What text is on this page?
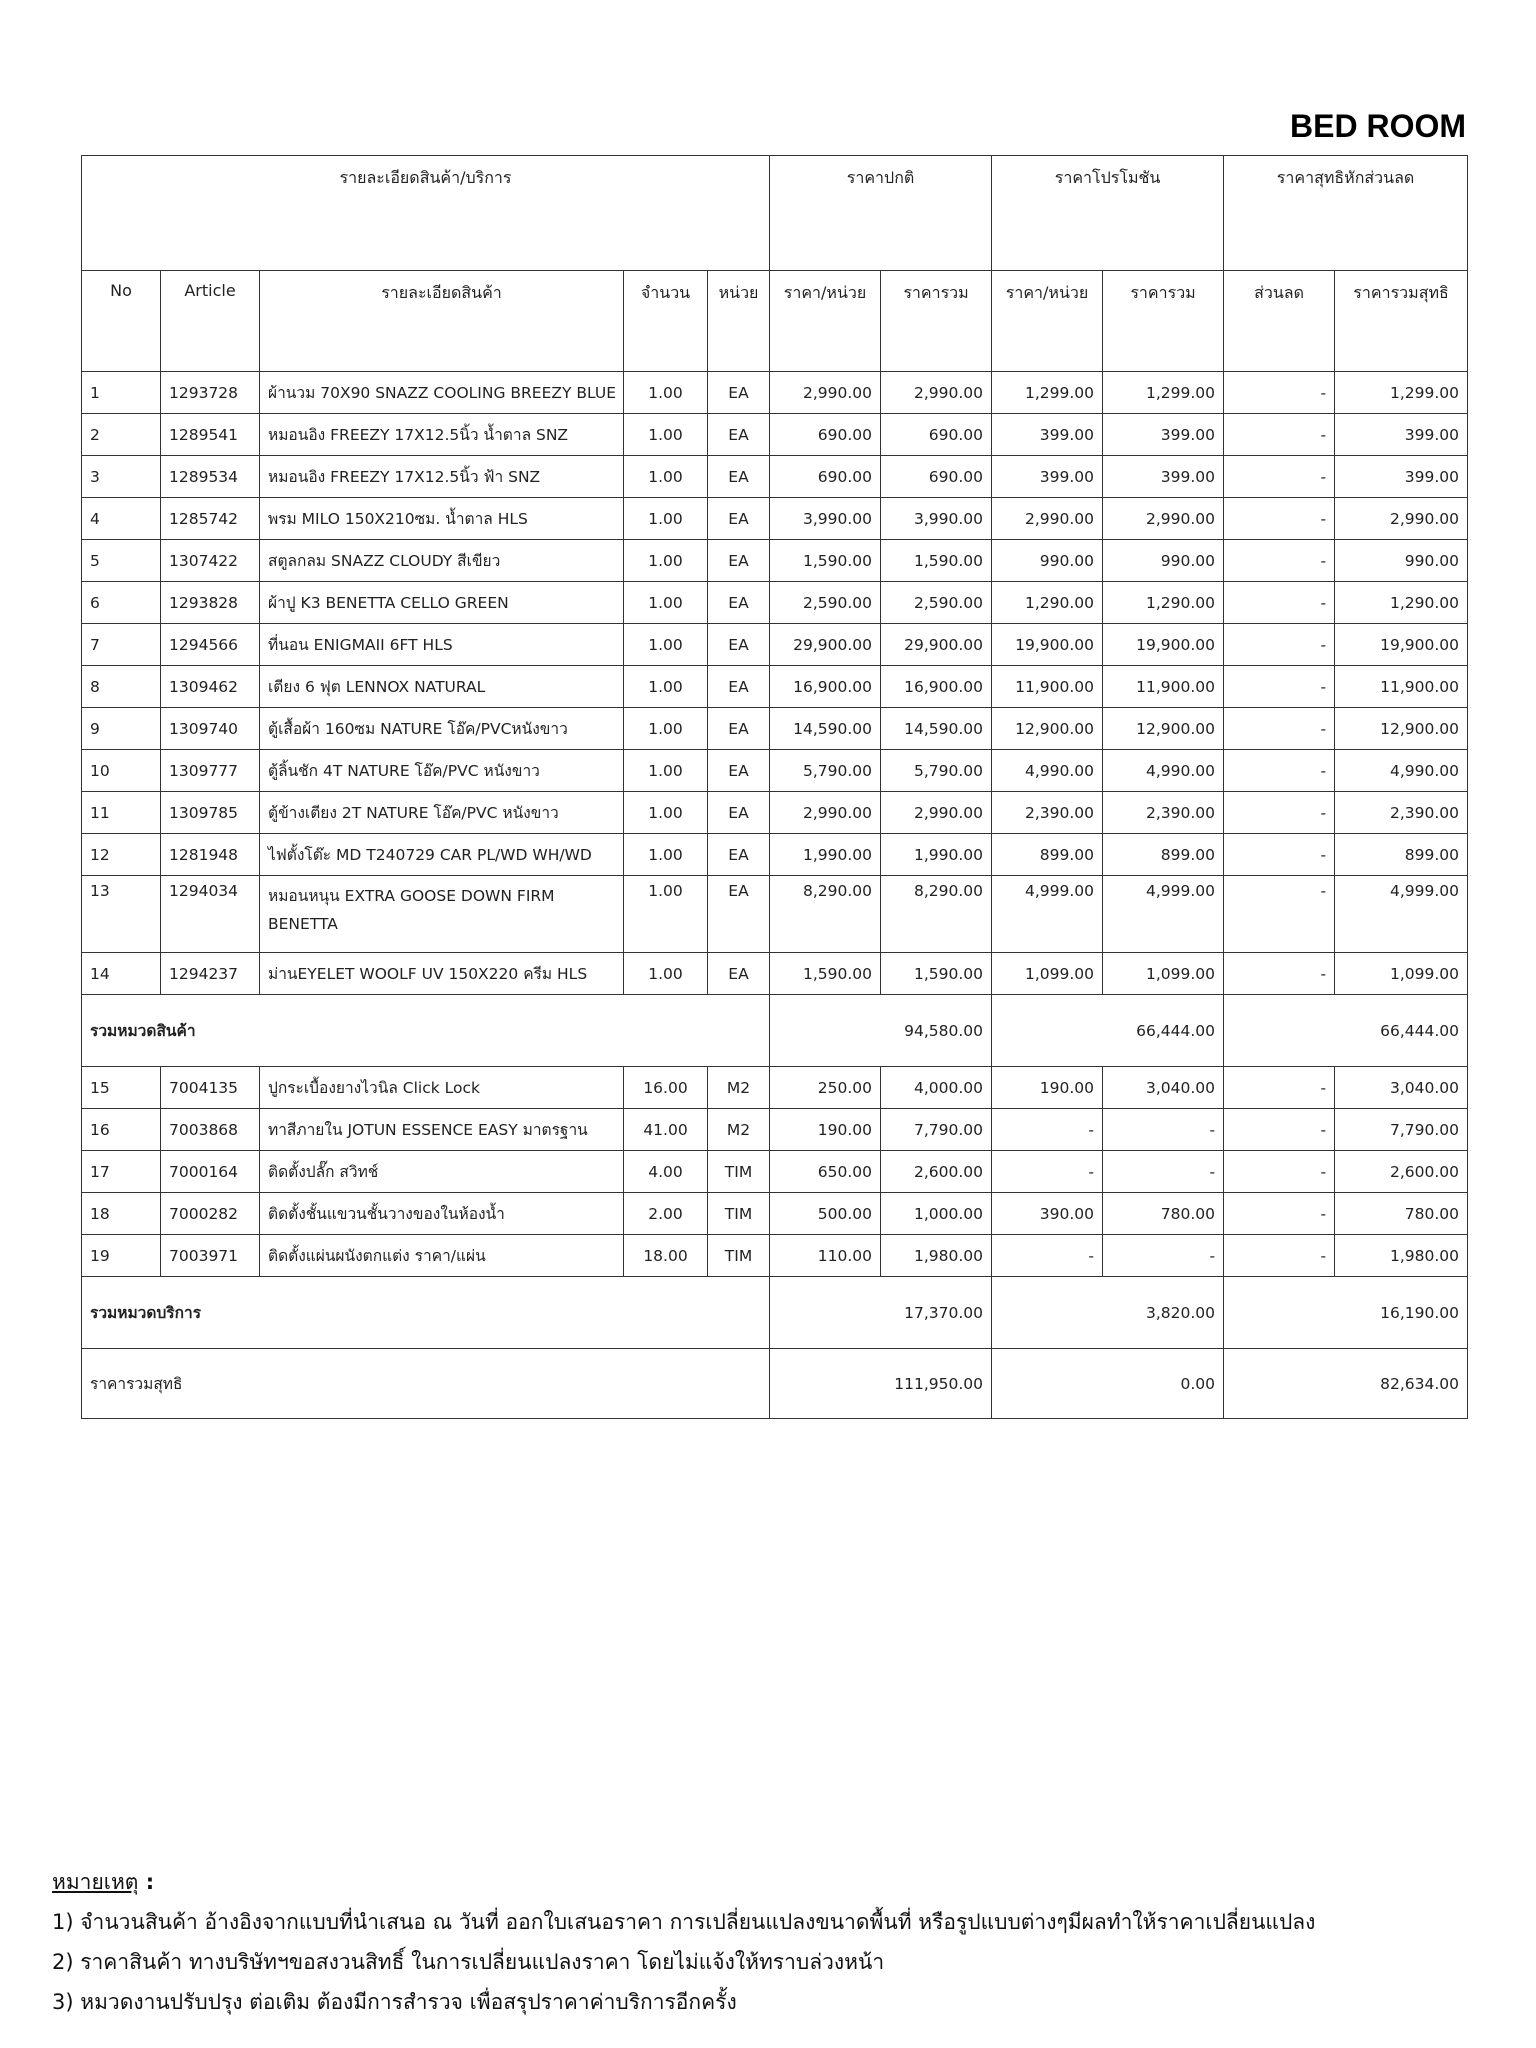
BED ROOM
รายละเอียดสินค้า/บริการ					ราคาปกติ		ราคาโปรโมชัน		ราคาสุทธิหักส่วนลด	
No	Article	รายละเอียดสินค้า	จำนวน	หน่วย	ราคา/หน่วย	ราคารวม	ราคา/หน่วย	ราคารวม	ส่วนลด	ราคารวมสุทธิ
1	1293728	ผ้านวม 70X90 SNAZZ COOLING BREEZY BLUE	1.00	EA	2,990.00	2,990.00	1,299.00	1,299.00	-	1,299.00
2	1289541	หมอนอิง FREEZY 17X12.5นิ้ว น้ำตาล SNZ	1.00	EA	690.00	690.00	399.00	399.00	-	399.00
3	1289534	หมอนอิง FREEZY 17X12.5นิ้ว ฟ้า SNZ	1.00	EA	690.00	690.00	399.00	399.00	-	399.00
4	1285742	พรม MILO 150X210ซม. น้ำตาล HLS	1.00	EA	3,990.00	3,990.00	2,990.00	2,990.00	-	2,990.00
5	1307422	สตูลกลม SNAZZ CLOUDY สีเขียว	1.00	EA	1,590.00	1,590.00	990.00	990.00	-	990.00
6	1293828	ผ้าปู K3 BENETTA CELLO GREEN	1.00	EA	2,590.00	2,590.00	1,290.00	1,290.00	-	1,290.00
7	1294566	ที่นอน ENIGMAII 6FT HLS	1.00	EA	29,900.00	29,900.00	19,900.00	19,900.00	-	19,900.00
8	1309462	เตียง 6 ฟุต LENNOX NATURAL	1.00	EA	16,900.00	16,900.00	11,900.00	11,900.00	-	11,900.00
9	1309740	ตู้เสื้อผ้า 160ซม NATURE โอ๊ค/PVCหนังขาว	1.00	EA	14,590.00	14,590.00	12,900.00	12,900.00	-	12,900.00
10	1309777	ตู้ลิ้นชัก 4T NATURE โอ๊ค/PVC หนังขาว	1.00	EA	5,790.00	5,790.00	4,990.00	4,990.00	-	4,990.00
11	1309785	ตู้ข้างเตียง 2T NATURE โอ๊ค/PVC หนังขาว	1.00	EA	2,990.00	2,990.00	2,390.00	2,390.00	-	2,390.00
12	1281948	ไฟตั้งโต๊ะ MD T240729 CAR PL/WD WH/WD	1.00	EA	1,990.00	1,990.00	899.00	899.00	-	899.00
13	1294034	หมอนหนุน EXTRA GOOSE DOWN FIRM BENETTA	1.00	EA	8,290.00	8,290.00	4,999.00	4,999.00	-	4,999.00
14	1294237	ม่านEYELET WOOLF UV 150X220 ครีม HLS	1.00	EA	1,590.00	1,590.00	1,099.00	1,099.00	-	1,099.00
รวมหมวดสินค้า					94,580.00		66,444.00		66,444.00	
15	7004135	ปูกระเบื้องยางไวนิล Click Lock	16.00	M2	250.00	4,000.00	190.00	3,040.00	-	3,040.00
16	7003868	ทาสีภายใน JOTUN ESSENCE EASY มาตรฐาน	41.00	M2	190.00	7,790.00	-	-	-	7,790.00
17	7000164	ติดตั้งปลั๊ก สวิทช์	4.00	TIM	650.00	2,600.00	-	-	-	2,600.00
18	7000282	ติดตั้งชั้นแขวนชั้นวางของในห้องน้ำ	2.00	TIM	500.00	1,000.00	390.00	780.00	-	780.00
19	7003971	ติดตั้งแผ่นผนังตกแต่ง ราคา/แผ่น	18.00	TIM	110.00	1,980.00	-	-	-	1,980.00
รวมหมวดบริการ					17,370.00		3,820.00		16,190.00	
ราคารวมสุทธิ					111,950.00		0.00		82,634.00	
หมายเหตุ :
1) จำนวนสินค้า อ้างอิงจากแบบที่นำเสนอ ณ วันที่ ออกใบเสนอราคา การเปลี่ยนแปลงขนาดพื้นที่ หรือรูปแบบต่างๆมีผลทำให้ราคาเปลี่ยนแปลง
2) ราคาสินค้า ทางบริษัทฯขอสงวนสิทธิ์ ในการเปลี่ยนแปลงราคา โดยไม่แจ้งให้ทราบล่วงหน้า
3) หมวดงานปรับปรุง ต่อเติม ต้องมีการสำรวจ เพื่อสรุปราคาค่าบริการอีกครั้ง
